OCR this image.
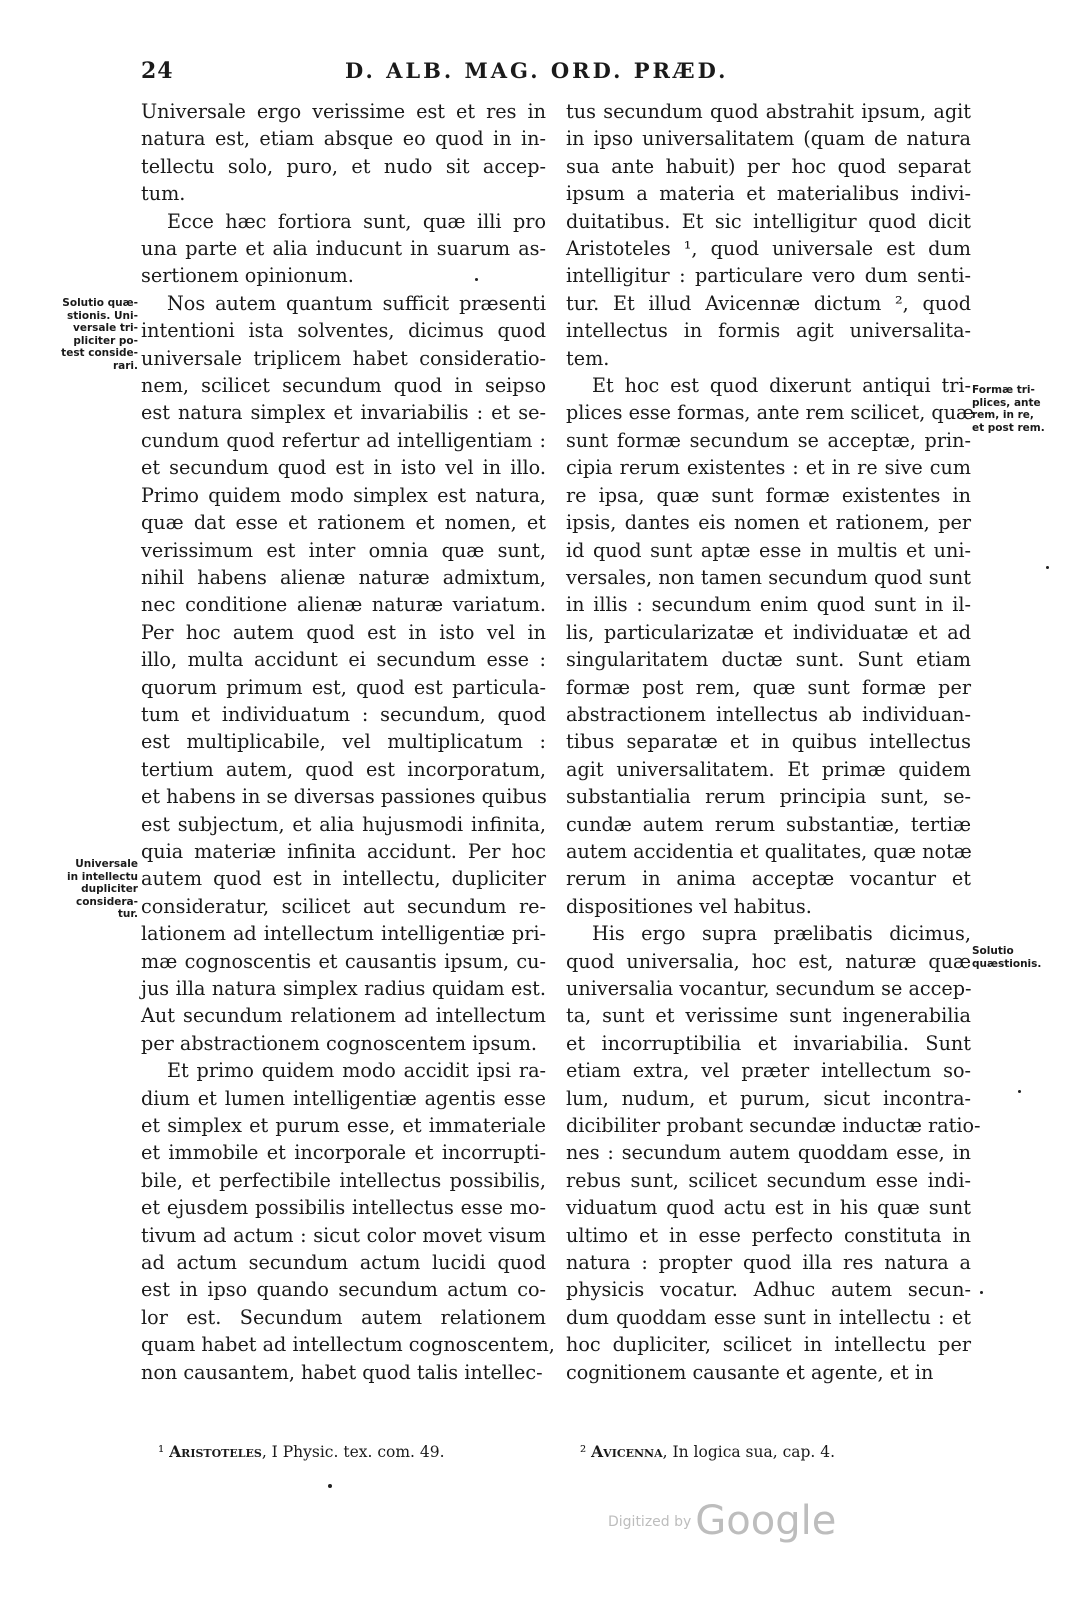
24	D. ALB. MAG. ORD. PRÆD.
Universale ergo verissime est et res in
natura est, etiam absque eo quod in in-
tellectu solo, puro, et nudo sit accep-
tum.
Ecce hæc fortiora sunt, quæ illi pro
una parte et alia inducunt in suarum as-
sertionem opinionum.
Nos autem quantum sufficit præsenti
intentioni ista solventes, dicimus quod
universale triplicem habet consideratio-
nem, scilicet secundum quod in seipso
est natura simplex et invariabilis : et se-
cundum quod refertur ad intelligentiam :
et secundum quod est in isto vel in illo.
Primo quidem modo simplex est natura,
quæ dat esse et rationem et nomen, et
verissimum est inter omnia quæ sunt,
nihil habens alienæ naturæ admixtum,
nec conditione alienæ naturæ variatum.
Per hoc autem quod est in isto vel in
illo, multa accidunt ei secundum esse :
quorum primum est, quod est particula-
tum et individuatum : secundum, quod
est multiplicabile, vel multiplicatum :
tertium autem, quod est incorporatum,
et habens in se diversas passiones quibus
est subjectum, et alia hujusmodi infinita,
quia materiæ infinita accidunt. Per hoc
autem quod est in intellectu, dupliciter
consideratur, scilicet aut secundum re-
lationem ad intellectum intelligentiæ pri-
mæ cognoscentis et causantis ipsum, cu-
jus illa natura simplex radius quidam est.
Aut secundum relationem ad intellectum
per abstractionem cognoscentem ipsum.
Et primo quidem modo accidit ipsi ra-
dium et lumen intelligentiæ agentis esse
et simplex et purum esse, et immateriale
et immobile et incorporale et incorrupti-
bile, et perfectibile intellectus possibilis,
et ejusdem possibilis intellectus esse mo-
tivum ad actum : sicut color movet visum
ad actum secundum actum lucidi quod
est in ipso quando secundum actum co-
lor est. Secundum autem relationem
quam habet ad intellectum cognoscentem,
non causantem, habet quod talis intellec-
tus secundum quod abstrahit ipsum, agit
in ipso universalitatem (quam de natura
sua ante habuit) per hoc quod separat
ipsum a materia et materialibus indivi-
duitatibus. Et sic intelligitur quod dicit
Aristoteles ¹, quod universale est dum
intelligitur : particulare vero dum senti-
tur. Et illud Avicennæ dictum ², quod
intellectus in formis agit universalita-
tem.
Et hoc est quod dixerunt antiqui tri-
plices esse formas, ante rem scilicet, quæ
sunt formæ secundum se acceptæ, prin-
cipia rerum existentes : et in re sive cum
re ipsa, quæ sunt formæ existentes in
ipsis, dantes eis nomen et rationem, per
id quod sunt aptæ esse in multis et uni-
versales, non tamen secundum quod sunt
in illis : secundum enim quod sunt in il-
lis, particularizatæ et individuatæ et ad
singularitatem ductæ sunt. Sunt etiam
formæ post rem, quæ sunt formæ per
abstractionem intellectus ab individuan-
tibus separatæ et in quibus intellectus
agit universalitatem. Et primæ quidem
substantialia rerum principia sunt, se-
cundæ autem rerum substantiæ, tertiæ
autem accidentia et qualitates, quæ notæ
rerum in anima acceptæ vocantur et
dispositiones vel habitus.
His ergo supra prælibatis dicimus,
quod universalia, hoc est, naturæ quæ
universalia vocantur, secundum se accep-
ta, sunt et verissime sunt ingenerabilia
et incorruptibilia et invariabilia. Sunt
etiam extra, vel præter intellectum so-
lum, nudum, et purum, sicut incontra-
dicibiliter probant secundæ inductæ ratio-
nes : secundum autem quoddam esse, in
rebus sunt, scilicet secundum esse indi-
viduatum quod actu est in his quæ sunt
ultimo et in esse perfecto constituta in
natura : propter quod illa res natura a
physicis vocatur. Adhuc autem secun-
dum quoddam esse sunt in intellectu : et
hoc dupliciter, scilicet in intellectu per
cognitionem causante et agente, et in
Solutio quæ-
stionis. Uni-
versale tri-
pliciter po-
test conside-
rari.
Universale
in intellectu
dupliciter
considera-
tur.
Formæ tri-
plices, ante
rem, in re,
et post rem.
Solutio
quæstionis.
¹ Aristoteles, I Physic. tex. com. 49.	² Avicenna, In logica sua, cap. 4.
Digitized by Google
